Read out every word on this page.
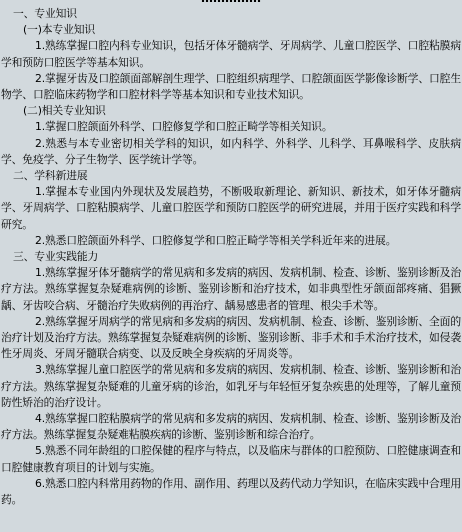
一、专业知识

(一)本专业知识

1.熟练掌握口腔内科专业知识，包括牙体牙髓病学、牙周病学、儿童口腔医学、口腔粘膜病学和预防口腔医学等基本知识。

2.掌握牙齿及口腔颌面部解剖生理学、口腔组织病理学、口腔颌面医学影像诊断学、口腔生物学、口腔临床药物学和口腔材料学等基本知识和专业技术知识。

(二)相关专业知识

1.掌握口腔颌面外科学、口腔修复学和口腔正畸学等相关知识。

2.熟悉与本专业密切相关学科的知识，如内科学、外科学、儿科学、耳鼻喉科学、皮肤病学、免疫学、分子生物学、医学统计学等。

二、学科新进展

1.掌握本专业国内外现状及发展趋势，不断吸取新理论、新知识、新技术，如牙体牙髓病学、牙周病学、口腔粘膜病学、儿童口腔医学和预防口腔医学的研究进展，并用于医疗实践和科学研究。

2.熟悉口腔颌面外科学、口腔修复学和口腔正畸学等相关学科近年来的进展。

三、专业实践能力

1.熟练掌握牙体牙髓病学的常见病和多发病的病因、发病机制、检查、诊断、鉴别诊断及治疗方法。熟练掌握复杂疑难病例的诊断、鉴别诊断和治疗技术，如非典型性牙颌面部疼痛、猖獗龋、牙齿咬合病、牙髓治疗失败病例的再治疗、龋易感患者的管理、根尖手术等。

2.熟练掌握牙周病学的常见病和多发病的病因、发病机制、检查、诊断、鉴别诊断、全面的治疗计划及治疗方法。熟练掌握复杂疑难病例的诊断、鉴别诊断、非手术和手术治疗技术，如侵袭性牙周炎、牙周牙髓联合病变、以及反映全身疾病的牙周炎等。

3.熟练掌握儿童口腔医学的常见病和多发病的病因、发病机制、检查、诊断、鉴别诊断和治疗方法。熟练掌握复杂疑难的儿童牙病的诊治，如乳牙与年轻恒牙复杂疾患的处理等，了解儿童预防性矫治的治疗设计。

4.熟练掌握口腔粘膜病学的常见病和多发病的病因、发病机制、检查、诊断、鉴别诊断及治疗方法。熟练掌握复杂疑难粘膜疾病的诊断、鉴别诊断和综合治疗。

5.熟悉不同年龄组的口腔保健的程序与特点，以及临床与群体的口腔预防、口腔健康调查和口腔健康教育项目的计划与实施。

6.熟悉口腔内科常用药物的作用、副作用、药理以及药代动力学知识，在临床实践中合理用药。
